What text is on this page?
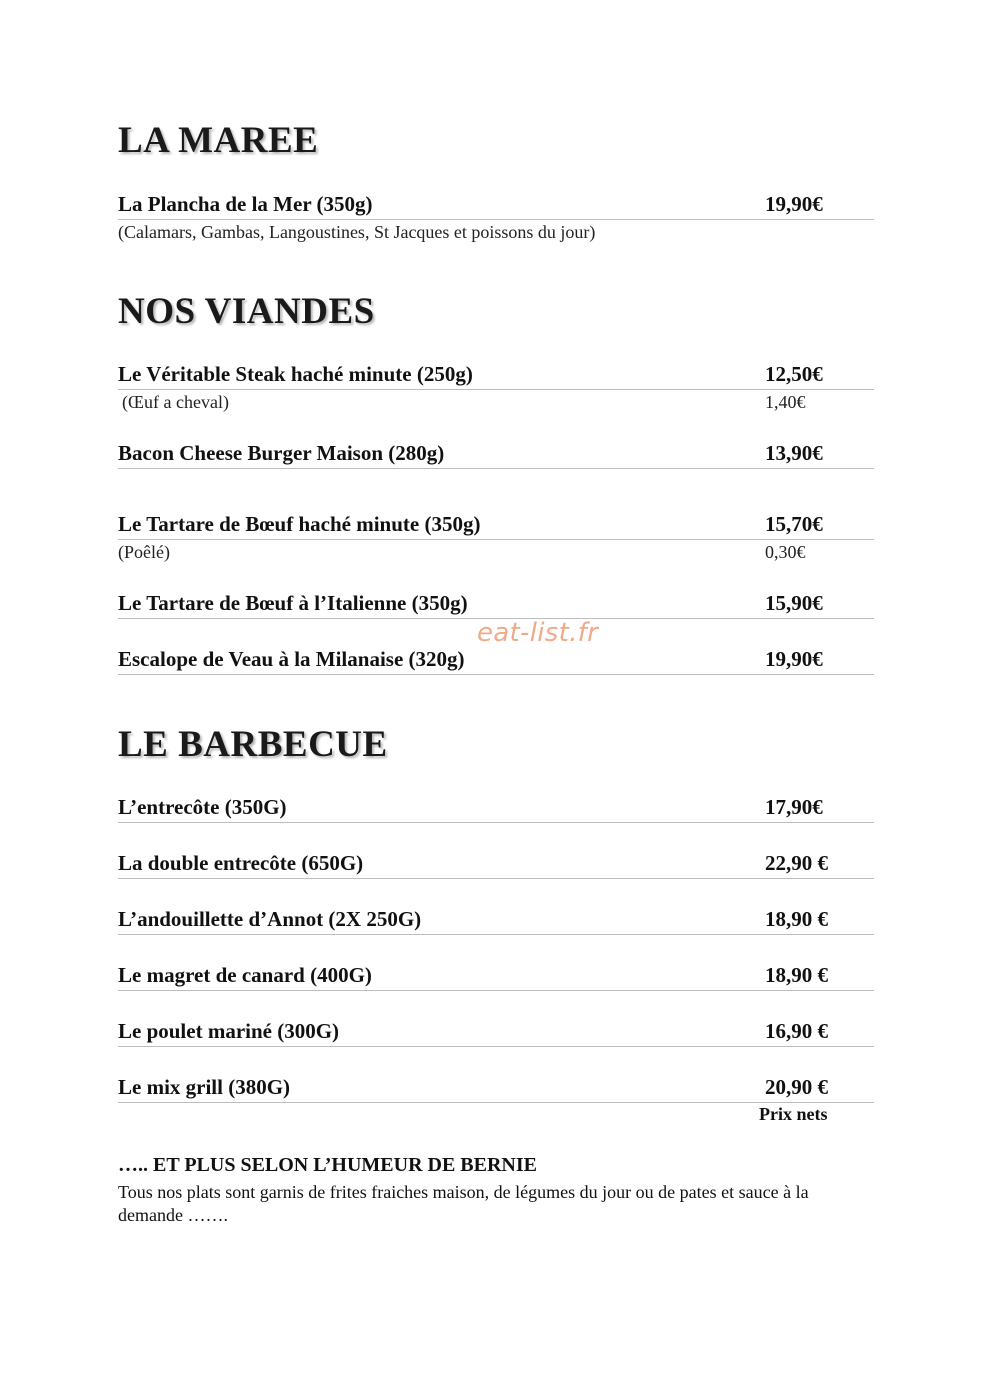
LA MAREE
La Plancha de la Mer (350g)	19,90€
(Calamars, Gambas, Langoustines, St Jacques et poissons du jour)
NOS VIANDES
Le Véritable Steak haché minute (250g)	12,50€
(Œuf a cheval)	1,40€
Bacon Cheese Burger Maison (280g)	13,90€
Le Tartare de Bœuf haché minute (350g)	15,70€
(Poêlé)	0,30€
Le Tartare de Bœuf à l’Italienne (350g)	15,90€
Escalope de Veau à la Milanaise (320g)	19,90€
LE BARBECUE
L’entrecôte (350G)	17,90€
La double entrecôte (650G)	22,90 €
L’andouillette d’Annot (2X 250G)	18,90 €
Le magret de canard (400G)	18,90 €
Le poulet mariné (300G)	16,90 €
Le mix grill (380G)	20,90 €
Prix nets
….. ET PLUS SELON L’HUMEUR DE BERNIE

Tous nos plats sont garnis de frites fraiches maison, de légumes du jour ou de pates et sauce à la demande …….

eat-list.fr
